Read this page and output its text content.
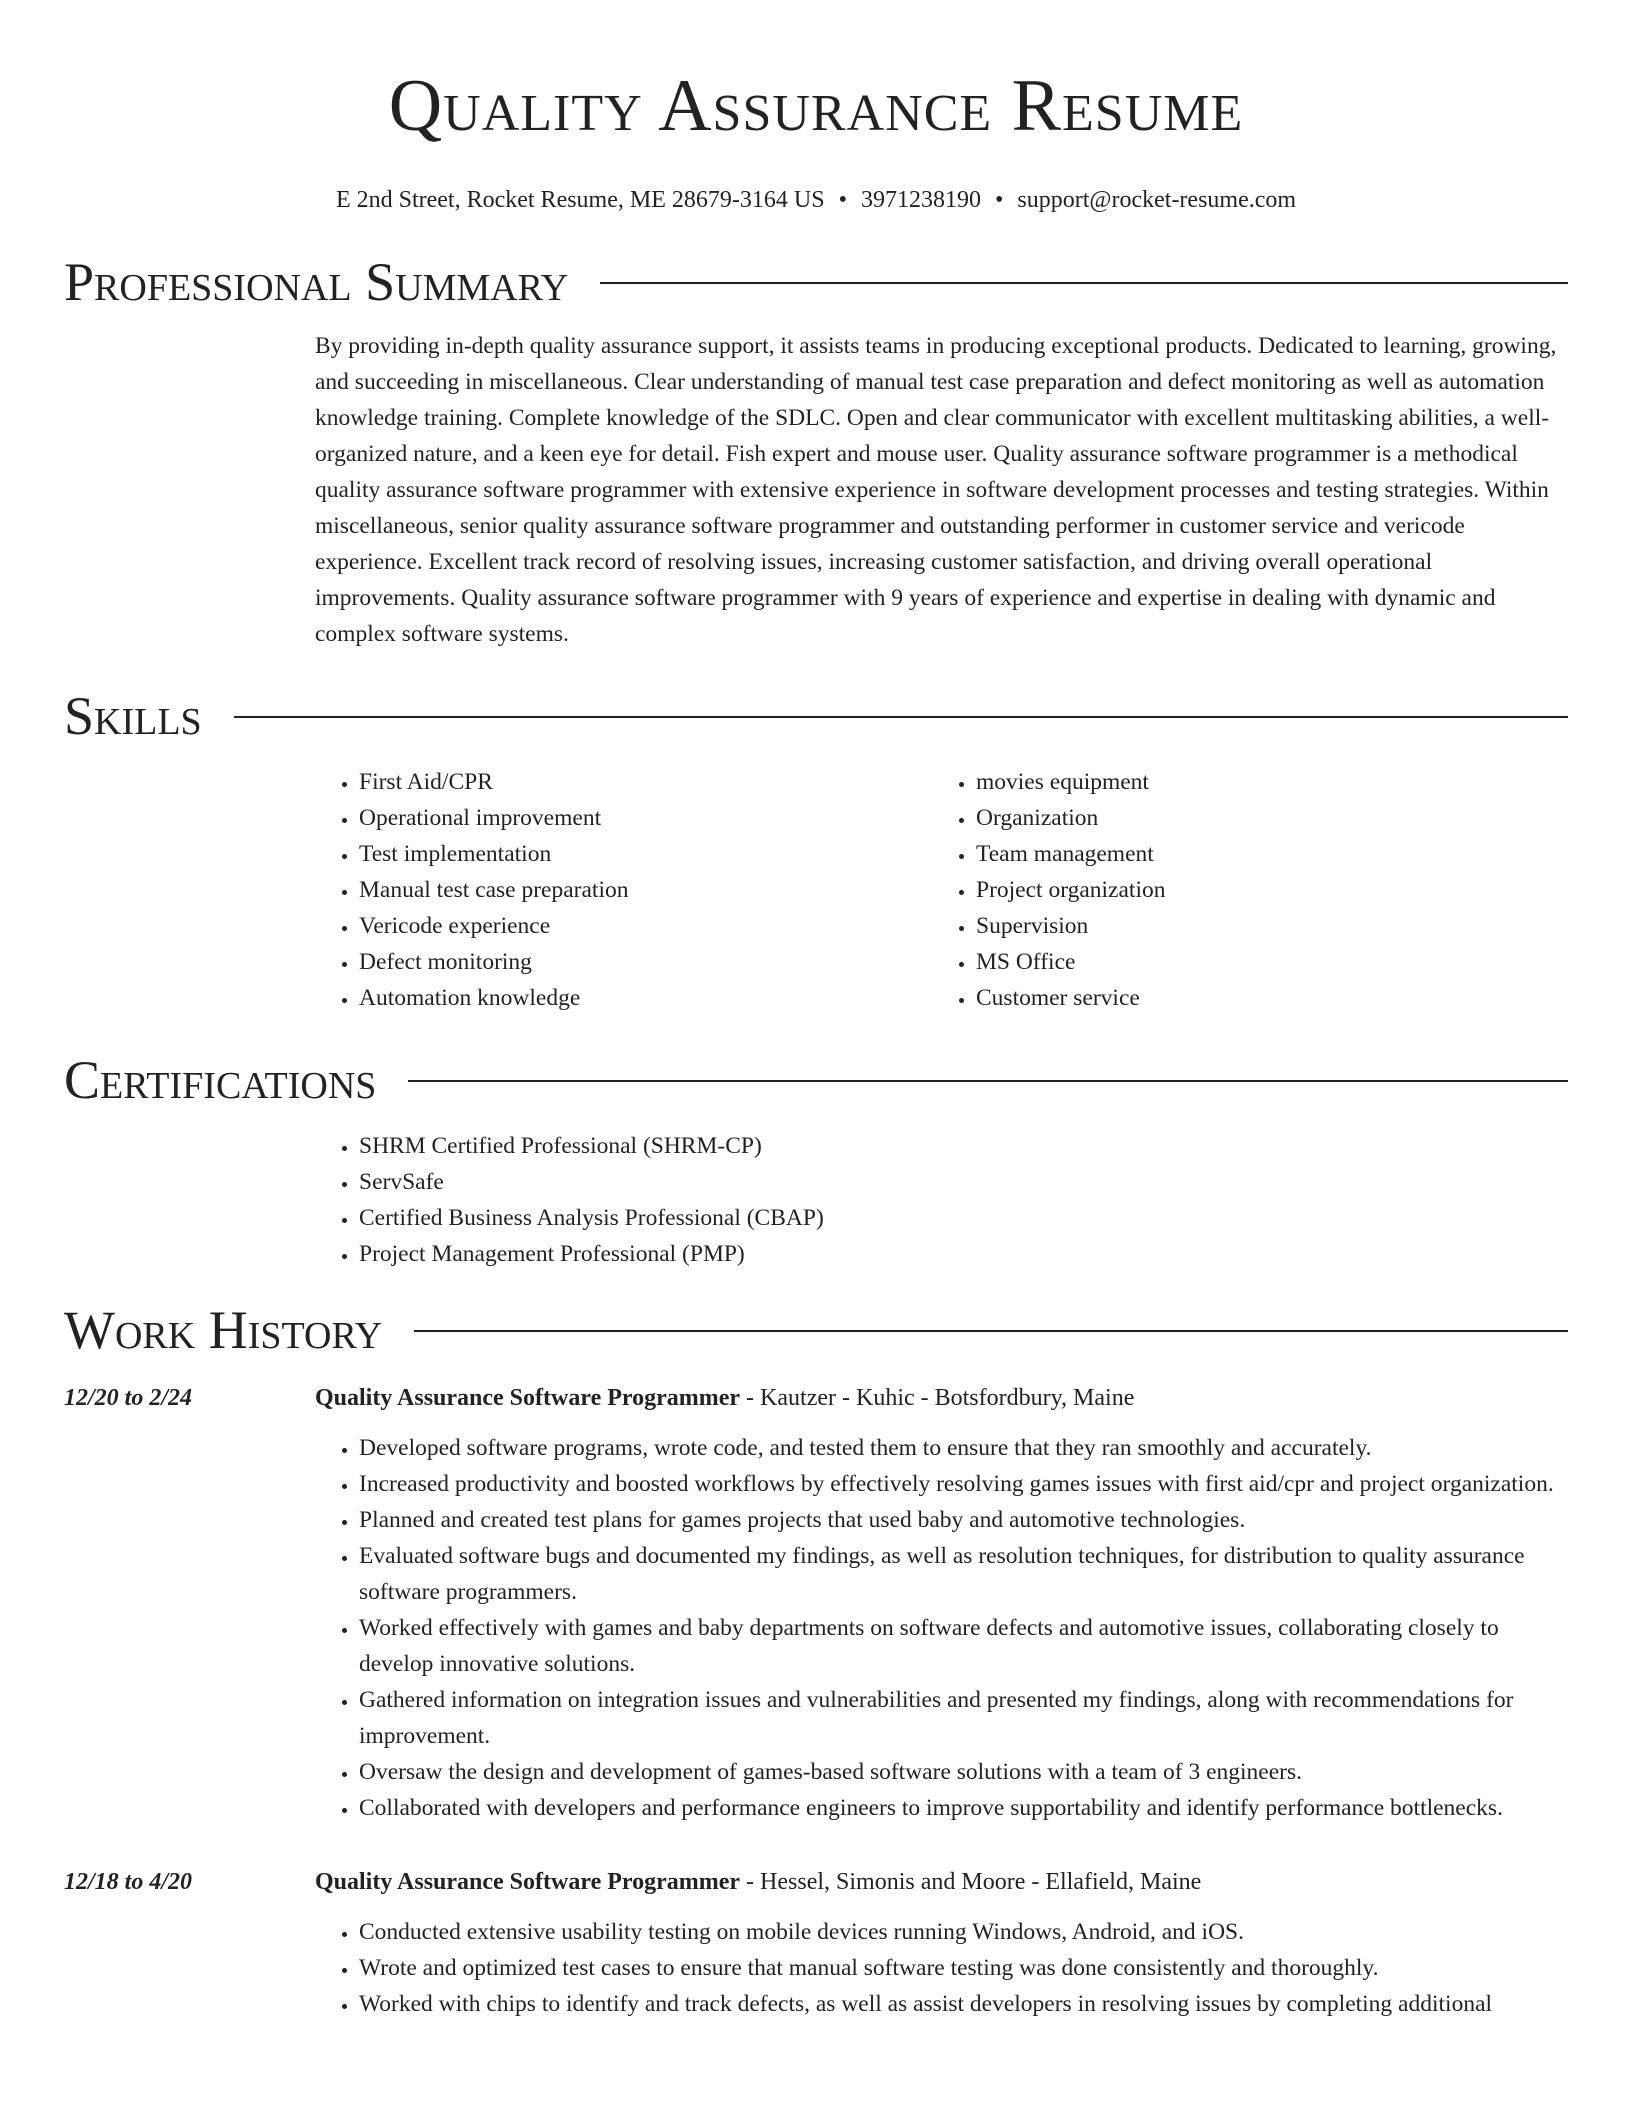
Quality Assurance Resume
E 2nd Street, Rocket Resume, ME 28679-3164 US • 3971238190 • support@rocket-resume.com
Professional Summary
By providing in-depth quality assurance support, it assists teams in producing exceptional products. Dedicated to learning, growing, and succeeding in miscellaneous. Clear understanding of manual test case preparation and defect monitoring as well as automation knowledge training. Complete knowledge of the SDLC. Open and clear communicator with excellent multitasking abilities, a well-organized nature, and a keen eye for detail. Fish expert and mouse user. Quality assurance software programmer is a methodical quality assurance software programmer with extensive experience in software development processes and testing strategies. Within miscellaneous, senior quality assurance software programmer and outstanding performer in customer service and vericode experience. Excellent track record of resolving issues, increasing customer satisfaction, and driving overall operational improvements. Quality assurance software programmer with 9 years of experience and expertise in dealing with dynamic and complex software systems.
Skills
• First Aid/CPR
• Operational improvement
• Test implementation
• Manual test case preparation
• Vericode experience
• Defect monitoring
• Automation knowledge
• movies equipment
• Organization
• Team management
• Project organization
• Supervision
• MS Office
• Customer service
Certifications
• SHRM Certified Professional (SHRM-CP)
• ServSafe
• Certified Business Analysis Professional (CBAP)
• Project Management Professional (PMP)
Work History
12/20 to 2/24	Quality Assurance Software Programmer - Kautzer - Kuhic - Botsfordbury, Maine
• Developed software programs, wrote code, and tested them to ensure that they ran smoothly and accurately.
• Increased productivity and boosted workflows by effectively resolving games issues with first aid/cpr and project organization.
• Planned and created test plans for games projects that used baby and automotive technologies.
• Evaluated software bugs and documented my findings, as well as resolution techniques, for distribution to quality assurance software programmers.
• Worked effectively with games and baby departments on software defects and automotive issues, collaborating closely to develop innovative solutions.
• Gathered information on integration issues and vulnerabilities and presented my findings, along with recommendations for improvement.
• Oversaw the design and development of games-based software solutions with a team of 3 engineers.
• Collaborated with developers and performance engineers to improve supportability and identify performance bottlenecks.
12/18 to 4/20	Quality Assurance Software Programmer - Hessel, Simonis and Moore - Ellafield, Maine
• Conducted extensive usability testing on mobile devices running Windows, Android, and iOS.
• Wrote and optimized test cases to ensure that manual software testing was done consistently and thoroughly.
• Worked with chips to identify and track defects, as well as assist developers in resolving issues by completing additional
